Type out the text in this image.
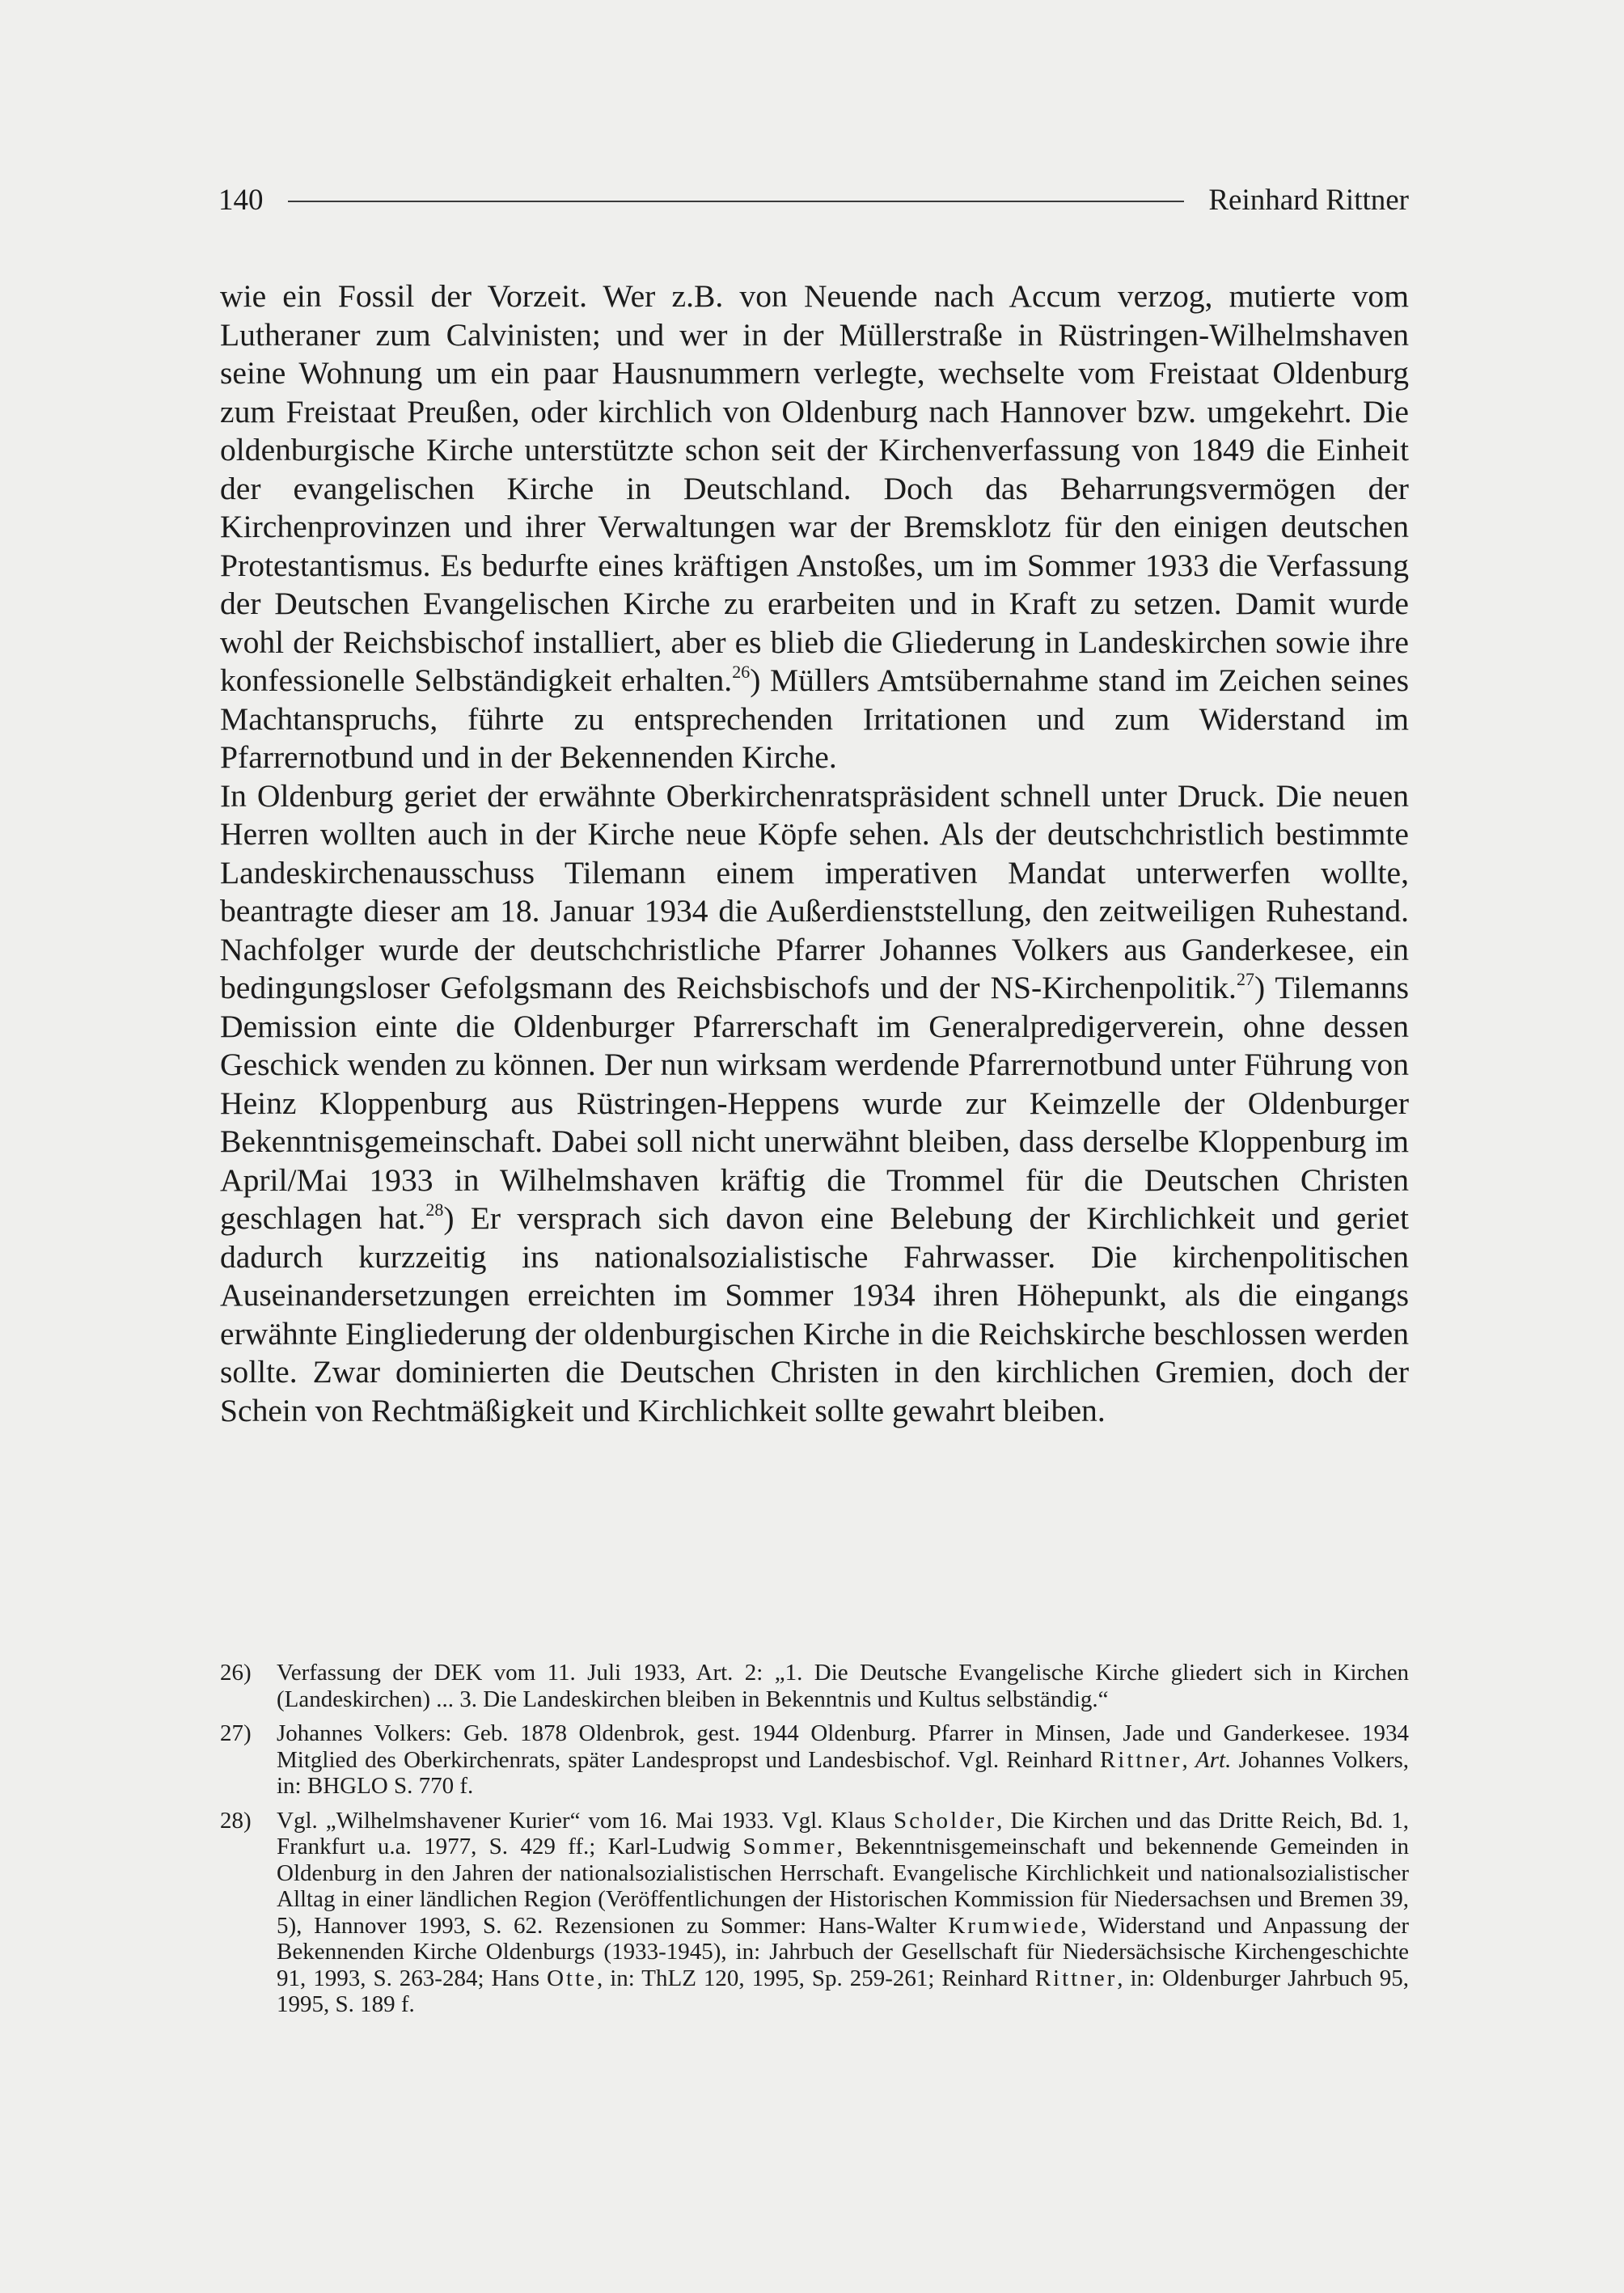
140	Reinhard Rittner

wie ein Fossil der Vorzeit. Wer z.B. von Neuende nach Accum verzog, mutierte vom Lutheraner zum Calvinisten; und wer in der Müllerstraße in Rüstringen-Wilhelmshaven seine Wohnung um ein paar Hausnummern verlegte, wechselte vom Freistaat Oldenburg zum Freistaat Preußen, oder kirchlich von Oldenburg nach Hannover bzw. umgekehrt. Die oldenburgische Kirche unterstützte schon seit der Kirchenverfassung von 1849 die Einheit der evangelischen Kirche in Deutschland. Doch das Beharrungsvermögen der Kirchenprovinzen und ihrer Verwaltungen war der Bremsklotz für den einigen deutschen Protestantismus. Es bedurfte eines kräftigen Anstoßes, um im Sommer 1933 die Verfassung der Deutschen Evangelischen Kirche zu erarbeiten und in Kraft zu setzen. Damit wurde wohl der Reichsbischof installiert, aber es blieb die Gliederung in Landeskirchen sowie ihre konfessionelle Selbständigkeit erhalten.$^{26}$) Müllers Amtsübernahme stand im Zeichen seines Machtanspruchs, führte zu entsprechenden Irritationen und zum Widerstand im Pfarrernotbund und in der Bekennenden Kirche.

In Oldenburg geriet der erwähnte Oberkirchenratspräsident schnell unter Druck. Die neuen Herren wollten auch in der Kirche neue Köpfe sehen. Als der deutschchristlich bestimmte Landeskirchenausschuss Tilemann einem imperativen Mandat unterwerfen wollte, beantragte dieser am 18. Januar 1934 die Außerdienststellung, den zeitweiligen Ruhestand. Nachfolger wurde der deutschchristliche Pfarrer Johannes Volkers aus Ganderkesee, ein bedingungsloser Gefolgsmann des Reichsbischofs und der NS-Kirchenpolitik.$^{27}$) Tilemanns Demission einte die Oldenburger Pfarrerschaft im Generalpredigerverein, ohne dessen Geschick wenden zu können. Der nun wirksam werdende Pfarrernotbund unter Führung von Heinz Kloppenburg aus Rüstringen-Heppens wurde zur Keimzelle der Oldenburger Bekenntnisgemeinschaft. Dabei soll nicht unerwähnt bleiben, dass derselbe Kloppenburg im April/Mai 1933 in Wilhelmshaven kräftig die Trommel für die Deutschen Christen geschlagen hat.$^{28}$) Er versprach sich davon eine Belebung der Kirchlichkeit und geriet dadurch kurzzeitig ins nationalsozialistische Fahrwasser. Die kirchenpolitischen Auseinandersetzungen erreichten im Sommer 1934 ihren Höhepunkt, als die eingangs erwähnte Eingliederung der oldenburgischen Kirche in die Reichskirche beschlossen werden sollte. Zwar dominierten die Deutschen Christen in den kirchlichen Gremien, doch der Schein von Rechtmäßigkeit und Kirchlichkeit sollte gewahrt bleiben.

26)	Verfassung der DEK vom 11. Juli 1933, Art. 2: „1. Die Deutsche Evangelische Kirche gliedert sich in Kirchen (Landeskirchen) ... 3. Die Landeskirchen bleiben in Bekenntnis und Kultus selbständig.“
27)	Johannes Volkers: Geb. 1878 Oldenbrok, gest. 1944 Oldenburg. Pfarrer in Minsen, Jade und Ganderkesee. 1934 Mitglied des Oberkirchenrats, später Landespropst und Landesbischof. Vgl. Reinhard Rittner, Art. Johannes Volkers, in: BHGLO S. 770 f.
28)	Vgl. „Wilhelmshavener Kurier“ vom 16. Mai 1933. Vgl. Klaus Scholder, Die Kirchen und das Dritte Reich, Bd. 1, Frankfurt u.a. 1977, S. 429 ff.; Karl-Ludwig Sommer, Bekenntnisgemeinschaft und bekennende Gemeinden in Oldenburg in den Jahren der nationalsozialistischen Herrschaft. Evangelische Kirchlichkeit und nationalsozialistischer Alltag in einer ländlichen Region (Veröffentlichungen der Historischen Kommission für Niedersachsen und Bremen 39, 5), Hannover 1993, S. 62. Rezensionen zu Sommer: Hans-Walter Krumwiede, Widerstand und Anpassung der Bekennenden Kirche Oldenburgs (1933-1945), in: Jahrbuch der Gesellschaft für Niedersächsische Kirchengeschichte 91, 1993, S. 263-284; Hans Otte, in: ThLZ 120, 1995, Sp. 259-261; Reinhard Rittner, in: Oldenburger Jahrbuch 95, 1995, S. 189 f.
